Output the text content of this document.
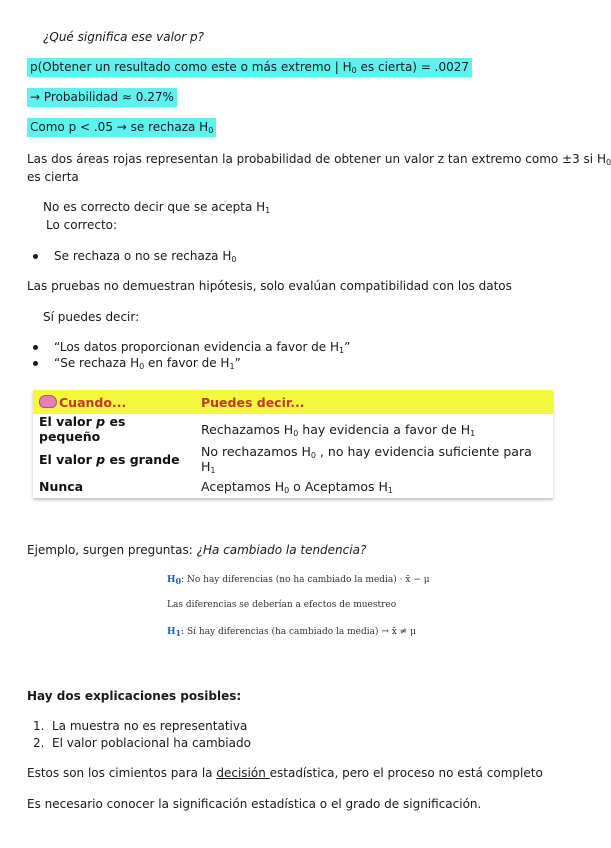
¿Qué significa ese valor p?
p(Obtener un resultado como este o más extremo | $H_0$ es cierta) = .0027
→ Probabilidad ≈ 0.27%
Como p < .05 → se rechaza $H_0$
Las dos áreas rojas representan la probabilidad de obtener un valor z tan extremo como ±3 si $H_0$
es cierta
No es correcto decir que se acepta $H_1$
Lo correcto:
Se rechaza o no se rechaza $H_0$
Las pruebas no demuestran hipótesis, solo evalúan compatibilidad con los datos
Sí puedes decir:
“Los datos proporcionan evidencia a favor de $H_1$”
“Se rechaza $H_0$ en favor de $H_1$”
Cuando...	Puedes decir...
El valor p es pequeño	Rechazamos $H_0$ hay evidencia a favor de $H_1$
El valor p es grande	No rechazamos $H_0$ , no hay evidencia suficiente para $H_1$
Nunca	Aceptamos $H_0$ o Aceptamos $H_1$
Ejemplo, surgen preguntas: ¿Ha cambiado la tendencia?
$H_0$: No hay diferencias (no ha cambiado la media) · x̄ − μ
Las diferencias se deberían a efectos de muestreo
$H_1$: Sí hay diferencias (ha cambiado la media) → x̄ ≠ μ
Hay dos explicaciones posibles:
1. La muestra no es representativa
2. El valor poblacional ha cambiado
Estos son los cimientos para la decisión estadística, pero el proceso no está completo
Es necesario conocer la significación estadística o el grado de significación.
